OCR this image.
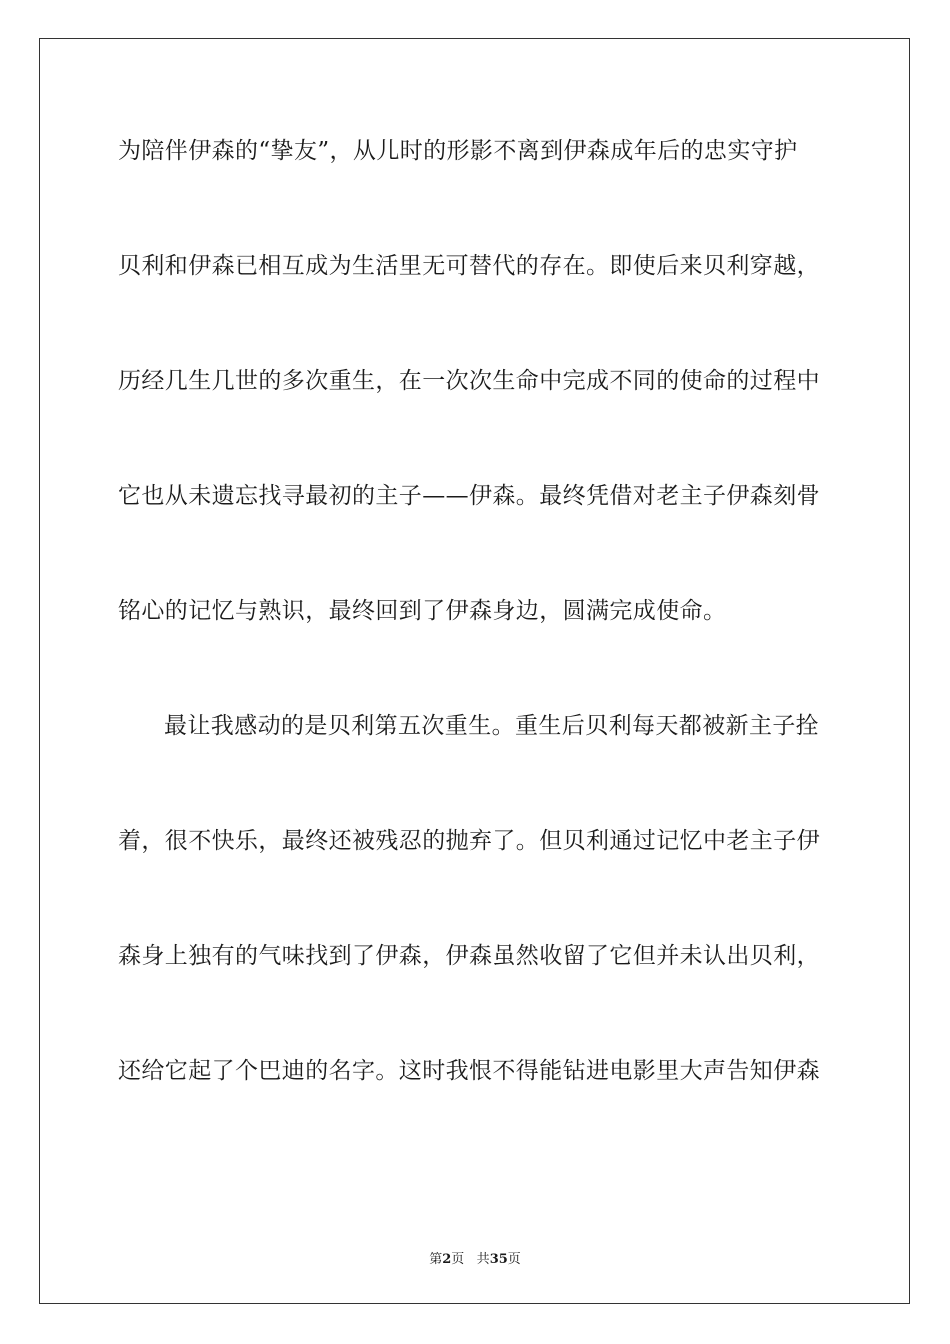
为陪伴伊森的“挚友”，从儿时的形影不离到伊森成年后的忠实守护
贝利和伊森已相互成为生活里无可替代的存在。即使后来贝利穿越，
历经几生几世的多次重生，在一次次生命中完成不同的使命的过程中
它也从未遗忘找寻最初的主子——伊森。最终凭借对老主子伊森刻骨
铭心的记忆与熟识，最终回到了伊森身边，圆满完成使命。
最让我感动的是贝利第五次重生。重生后贝利每天都被新主子拴
着，很不快乐，最终还被残忍的抛弃了。但贝利通过记忆中老主子伊
森身上独有的气味找到了伊森，伊森虽然收留了它但并未认出贝利，
还给它起了个巴迪的名字。这时我恨不得能钻进电影里大声告知伊森
第2页 共35页
